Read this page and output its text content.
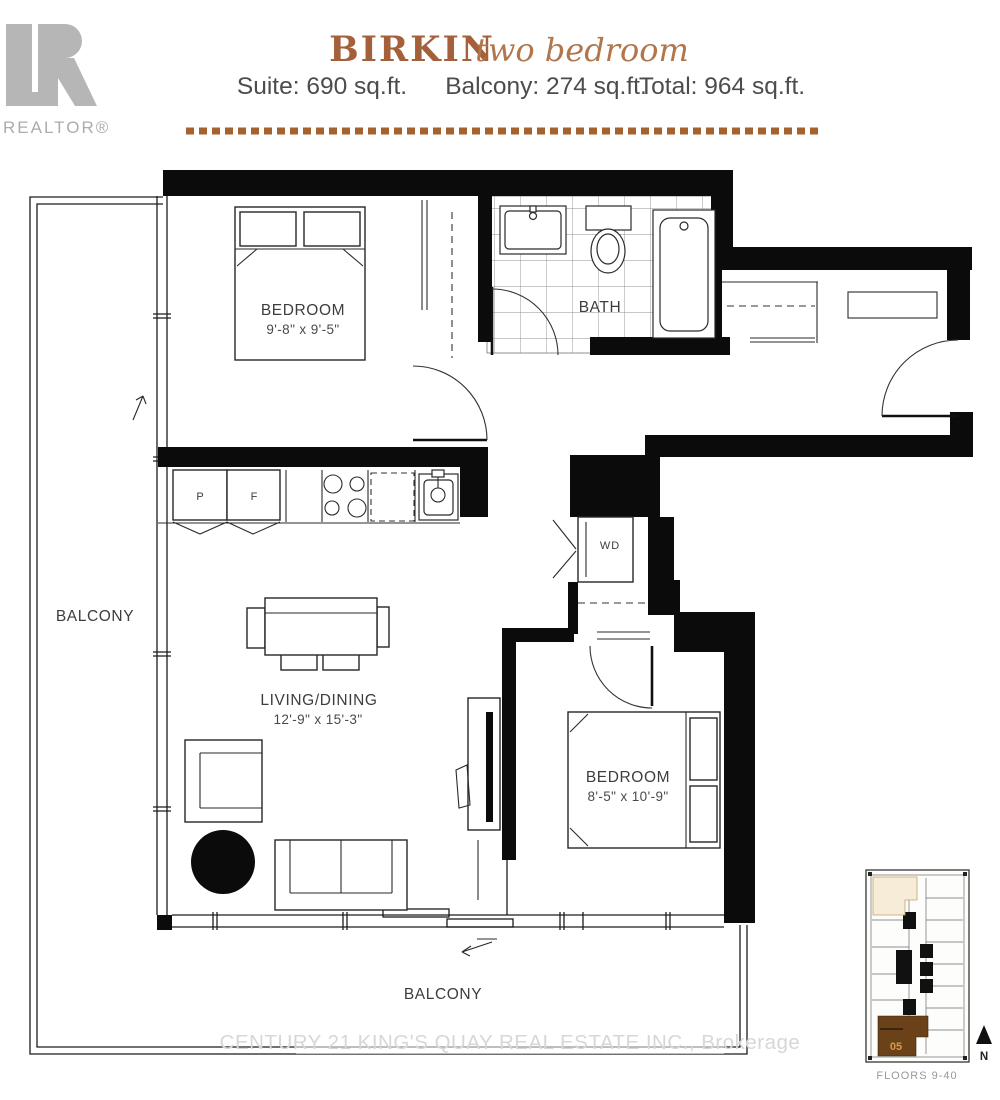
REALTOR®
BIRKIN
two bedroom
Suite: 690 sq.ft. Balcony: 274 sq.ft.
Total: 964 sq.ft.
WD
BEDROOM
9'-8" x 9'-5"
BATH
P	F
LIVING/DINING
12'-9" x 15'-3"
BEDROOM
8'-5" x 10'-9"
BALCONY
BALCONY
CENTURY 21 KING'S QUAY REAL ESTATE INC., Brokerage	05
N
FLOORS 9-40
